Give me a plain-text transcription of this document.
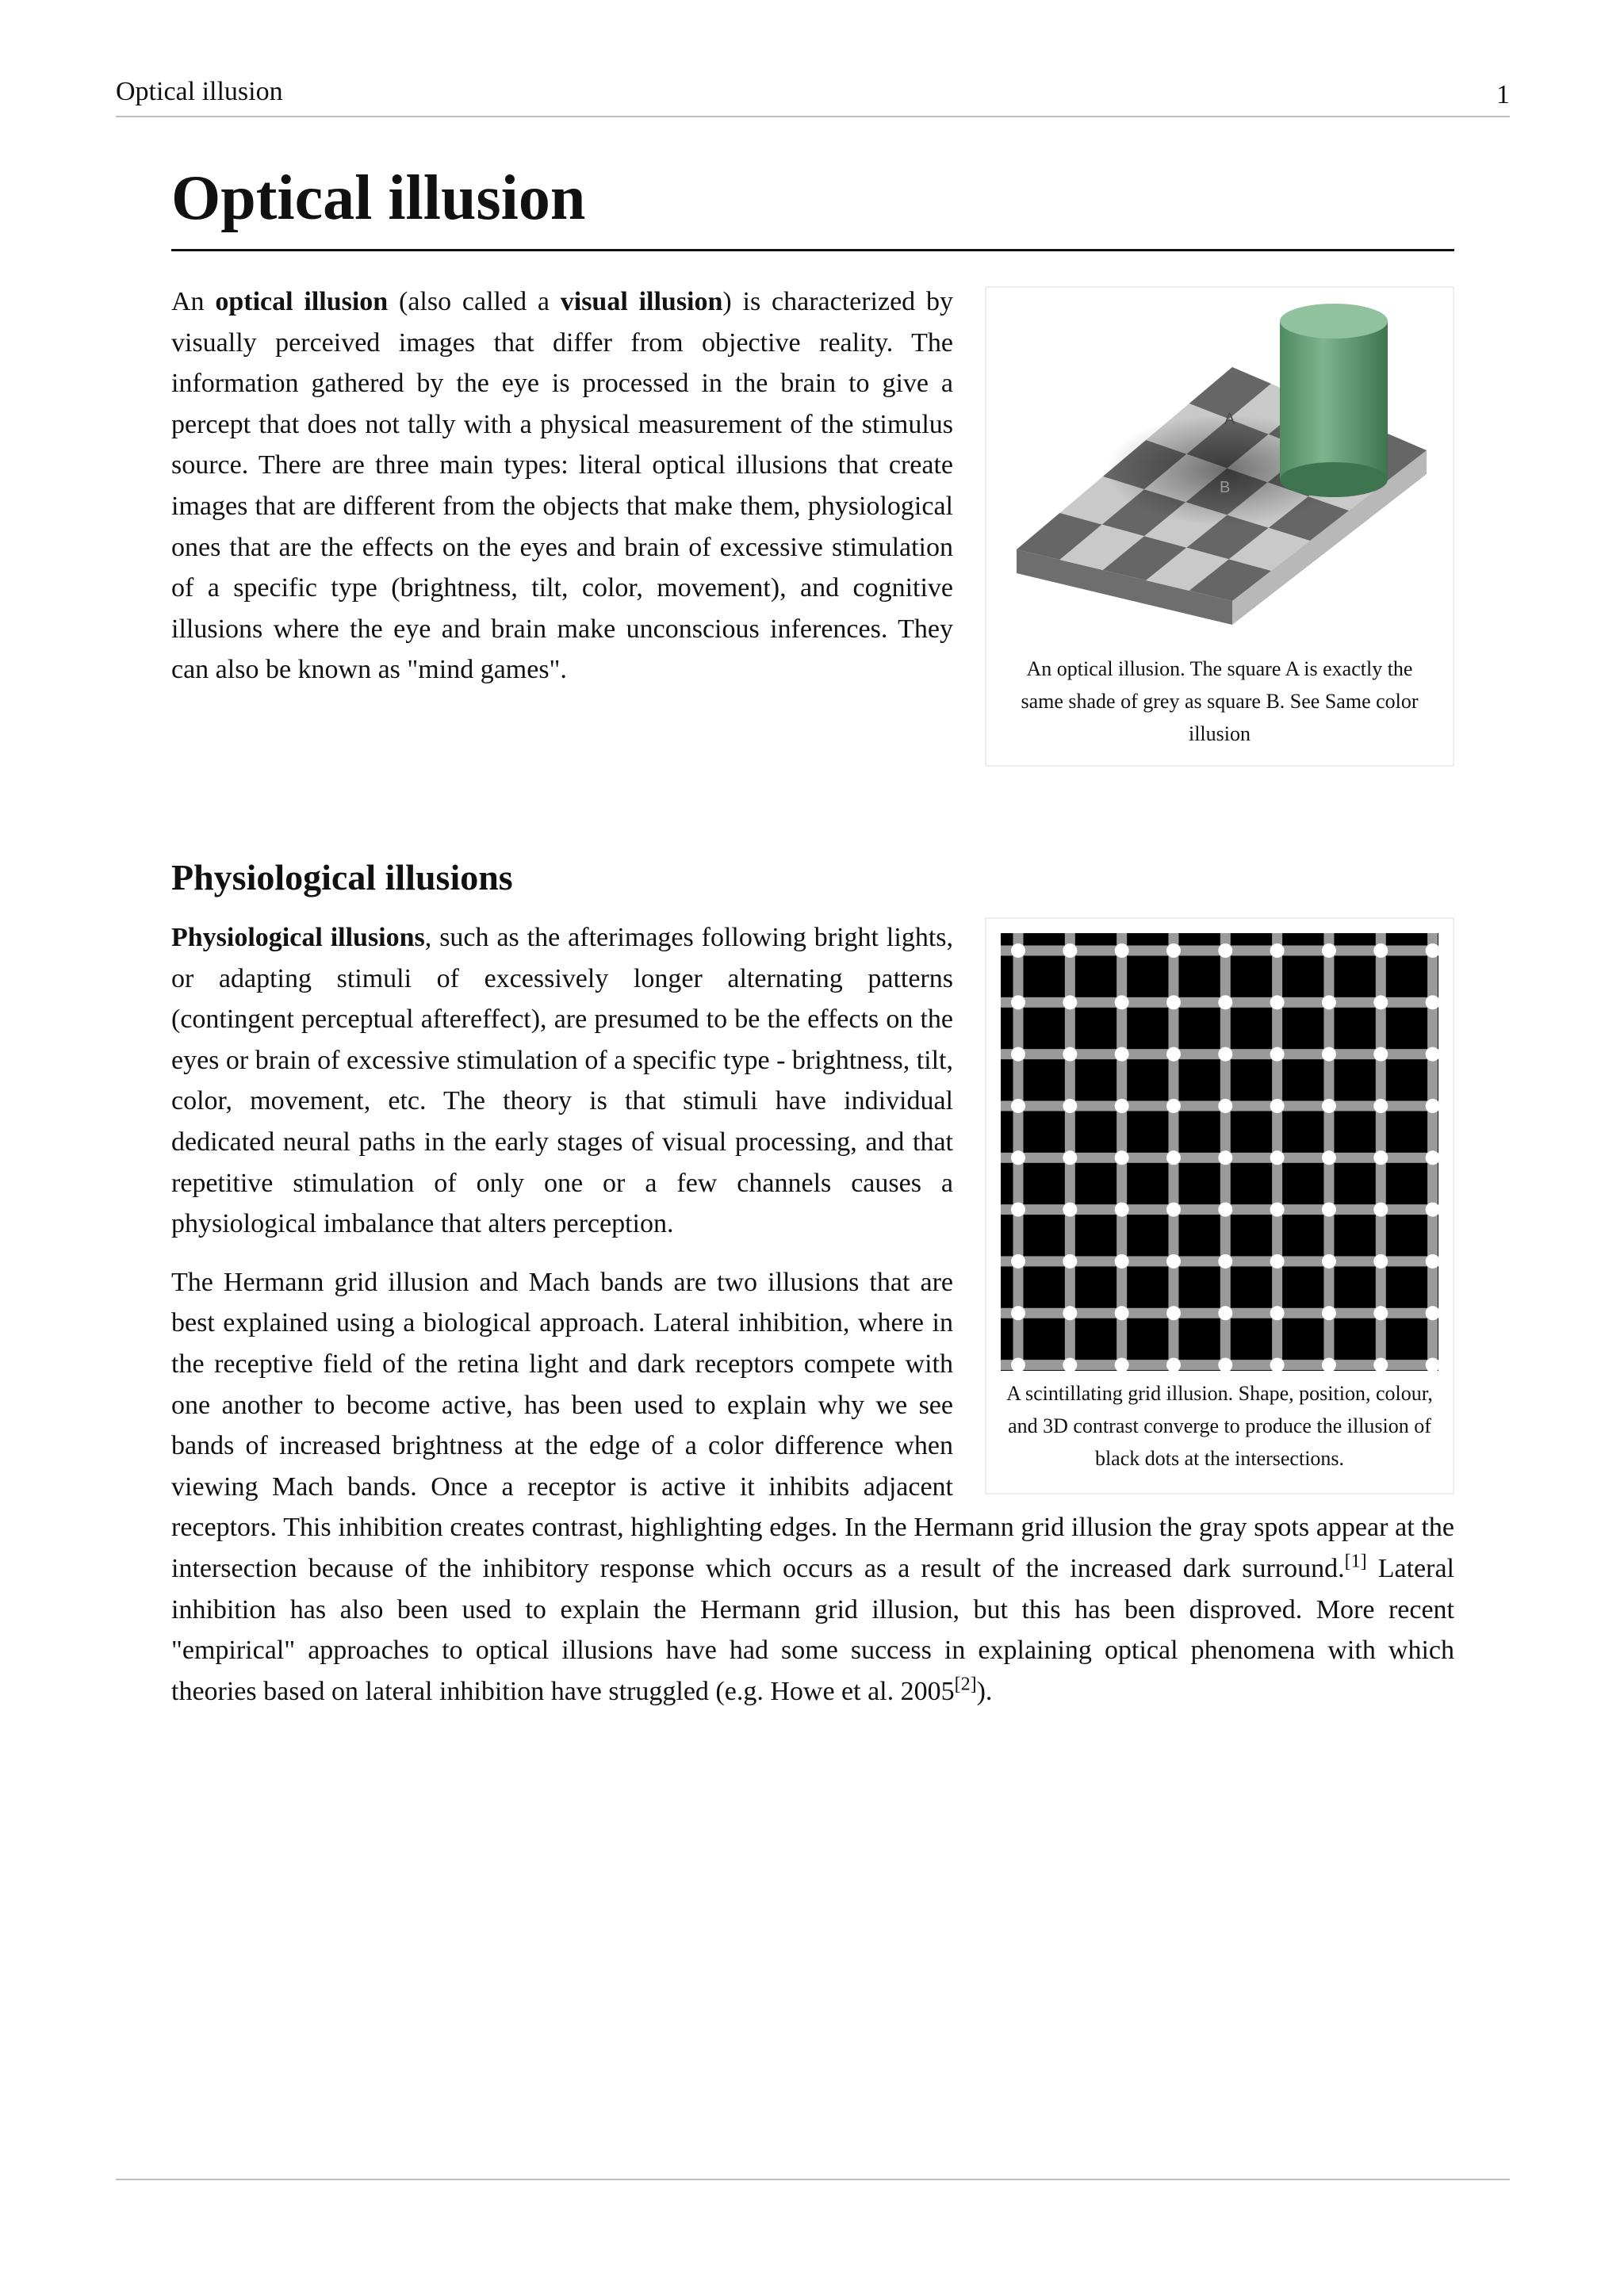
Optical illusion	1
Optical illusion
A
B
An optical illusion. The square A is exactly the same shade of grey as square B. See Same color illusion

An optical illusion (also called a visual illusion) is characterized by visually perceived images that differ from objective reality. The information gathered by the eye is processed in the brain to give a percept that does not tally with a physical measurement of the stimulus source. There are three main types: literal optical illusions that create images that are different from the objects that make them, physiological ones that are the effects on the eyes and brain of excessive stimulation of a specific type (brightness, tilt, color, movement), and cognitive illusions where the eye and brain make unconscious inferences. They can also be known as "mind games".

Physiological illusions
A scintillating grid illusion. Shape, position, colour, and 3D contrast converge to produce the illusion of black dots at the intersections.

Physiological illusions, such as the afterimages following bright lights, or adapting stimuli of excessively longer alternating patterns (contingent perceptual aftereffect), are presumed to be the effects on the eyes or brain of excessive stimulation of a specific type - brightness, tilt, color, movement, etc. The theory is that stimuli have individual dedicated neural paths in the early stages of visual processing, and that repetitive stimulation of only one or a few channels causes a physiological imbalance that alters perception.

The Hermann grid illusion and Mach bands are two illusions that are best explained using a biological approach. Lateral inhibition, where in the receptive field of the retina light and dark receptors compete with one another to become active, has been used to explain why we see bands of increased brightness at the edge of a color difference when viewing Mach bands. Once a receptor is active it inhibits adjacent receptors. This inhibition creates contrast, highlighting edges. In the Hermann grid illusion the gray spots appear at the intersection because of the inhibitory response which occurs as a result of the increased dark surround.[1] Lateral inhibition has also been used to explain the Hermann grid illusion, but this has been disproved. More recent "empirical" approaches to optical illusions have had some success in explaining optical phenomena with which theories based on lateral inhibition have struggled (e.g. Howe et al. 2005[2]).
